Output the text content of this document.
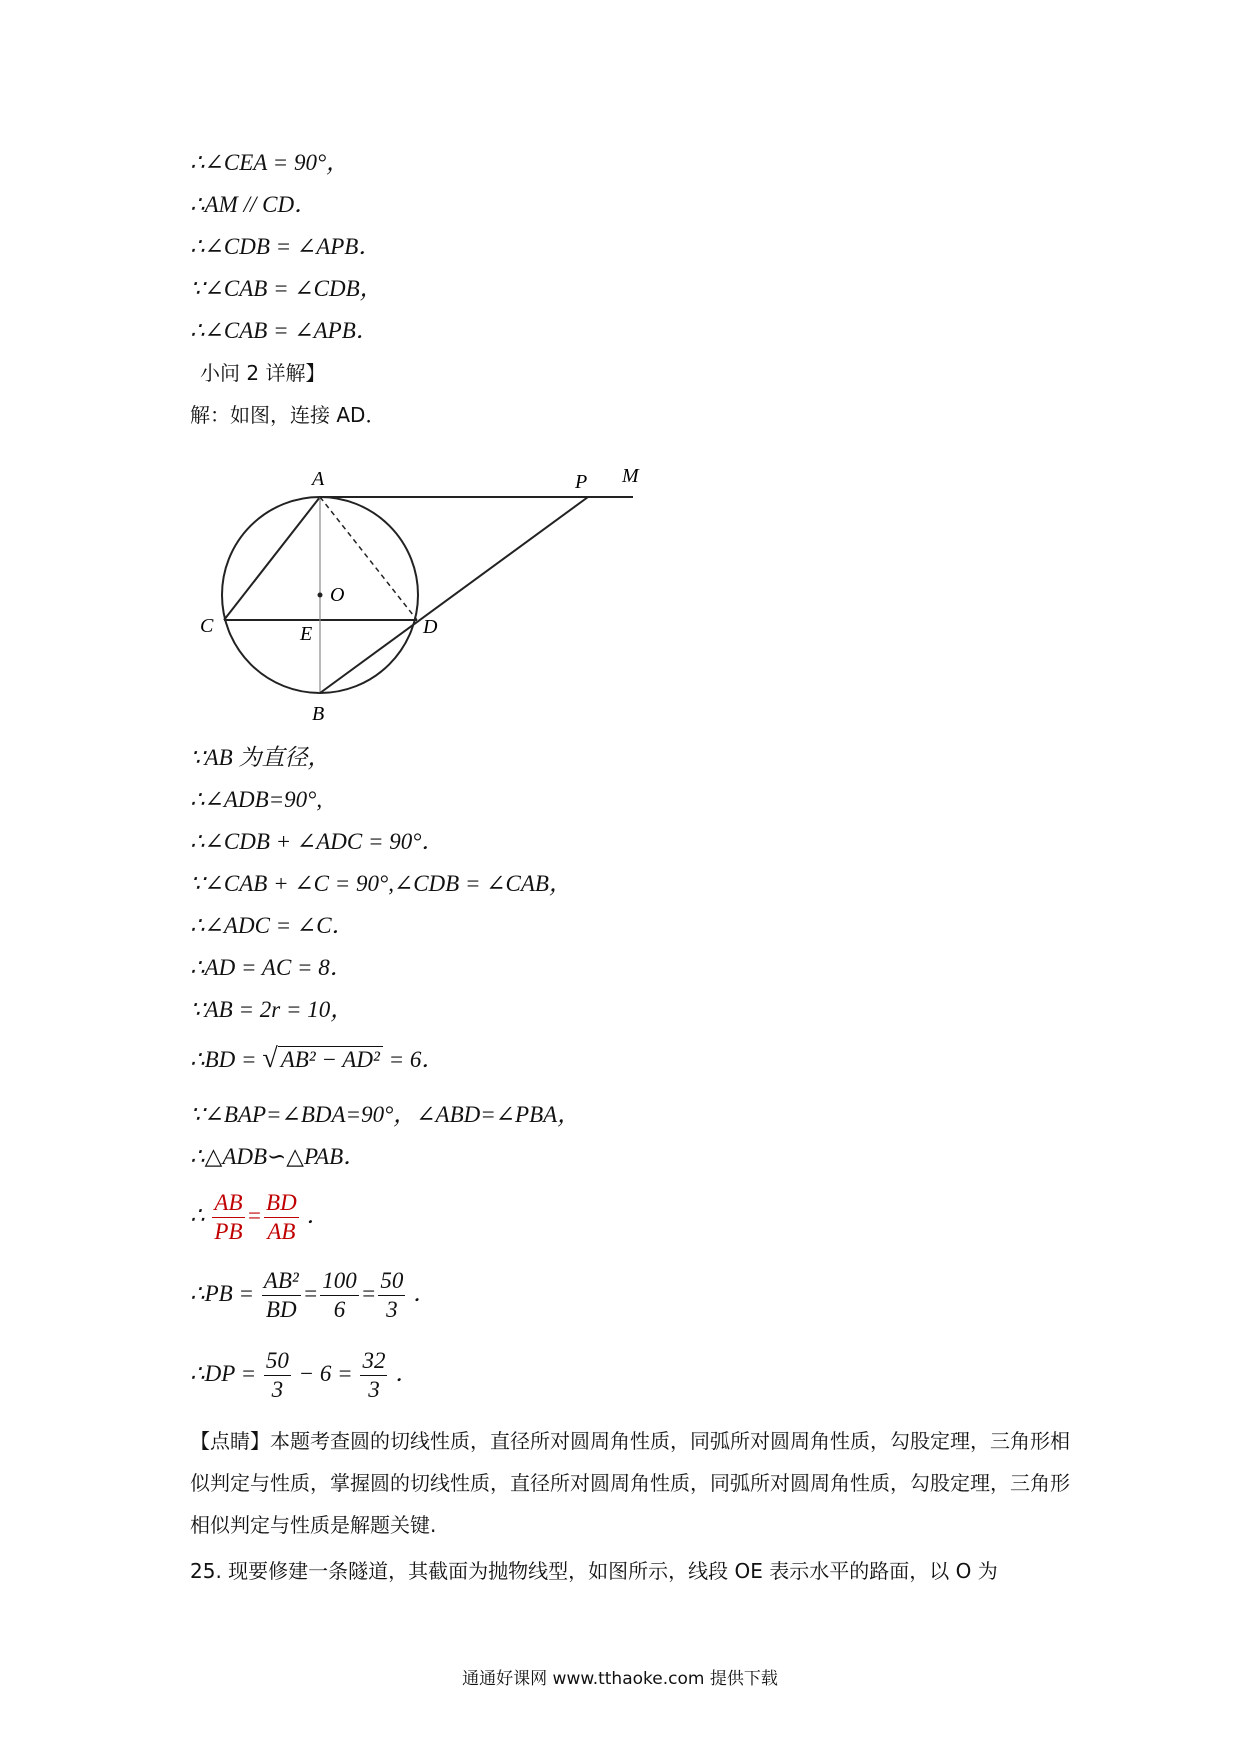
∴∠CEA = 90°，
∴AM // CD．
∴∠CDB = ∠APB．
∵∠CAB = ∠CDB，
∴∠CAB = ∠APB．
小问 2 详解】
解：如图，连接 AD．
A	P M
O
C	E	D
B
∵AB 为直径，
∴∠ADB=90°,
∴∠CDB + ∠ADC = 90°．
∵∠CAB + ∠C = 90°,∠CDB = ∠CAB，
∴∠ADC = ∠C．
∴AD = AC = 8．
∵AB = 2r = 10，
∴BD = √ AB² − AD² = 6．
∵∠BAP=∠BDA=90°，∠ABD=∠PBA，
∴△ADB∽△PAB．
∴ $\frac{AB}{PB} = \frac{BD}{AB}$ ．
∴PB = $\frac{\text{AB²}}{BD} = \frac{100}{6} = \frac{50}{3}$ ．
∴DP = $\frac{50}{3} - 6 = \frac{32}{3}$ ．
【点睛】本题考查圆的切线性质，直径所对圆周角性质，同弧所对圆周角性质，勾股定理，三角形相似判定与性质，掌握圆的切线性质，直径所对圆周角性质，同弧所对圆周角性质，勾股定理，三角形相似判定与性质是解题关键.
25. 现要修建一条隧道，其截面为抛物线型，如图所示，线段 OE 表示水平的路面，以 O 为
通通好课网 www.tthaoke.com 提供下载
